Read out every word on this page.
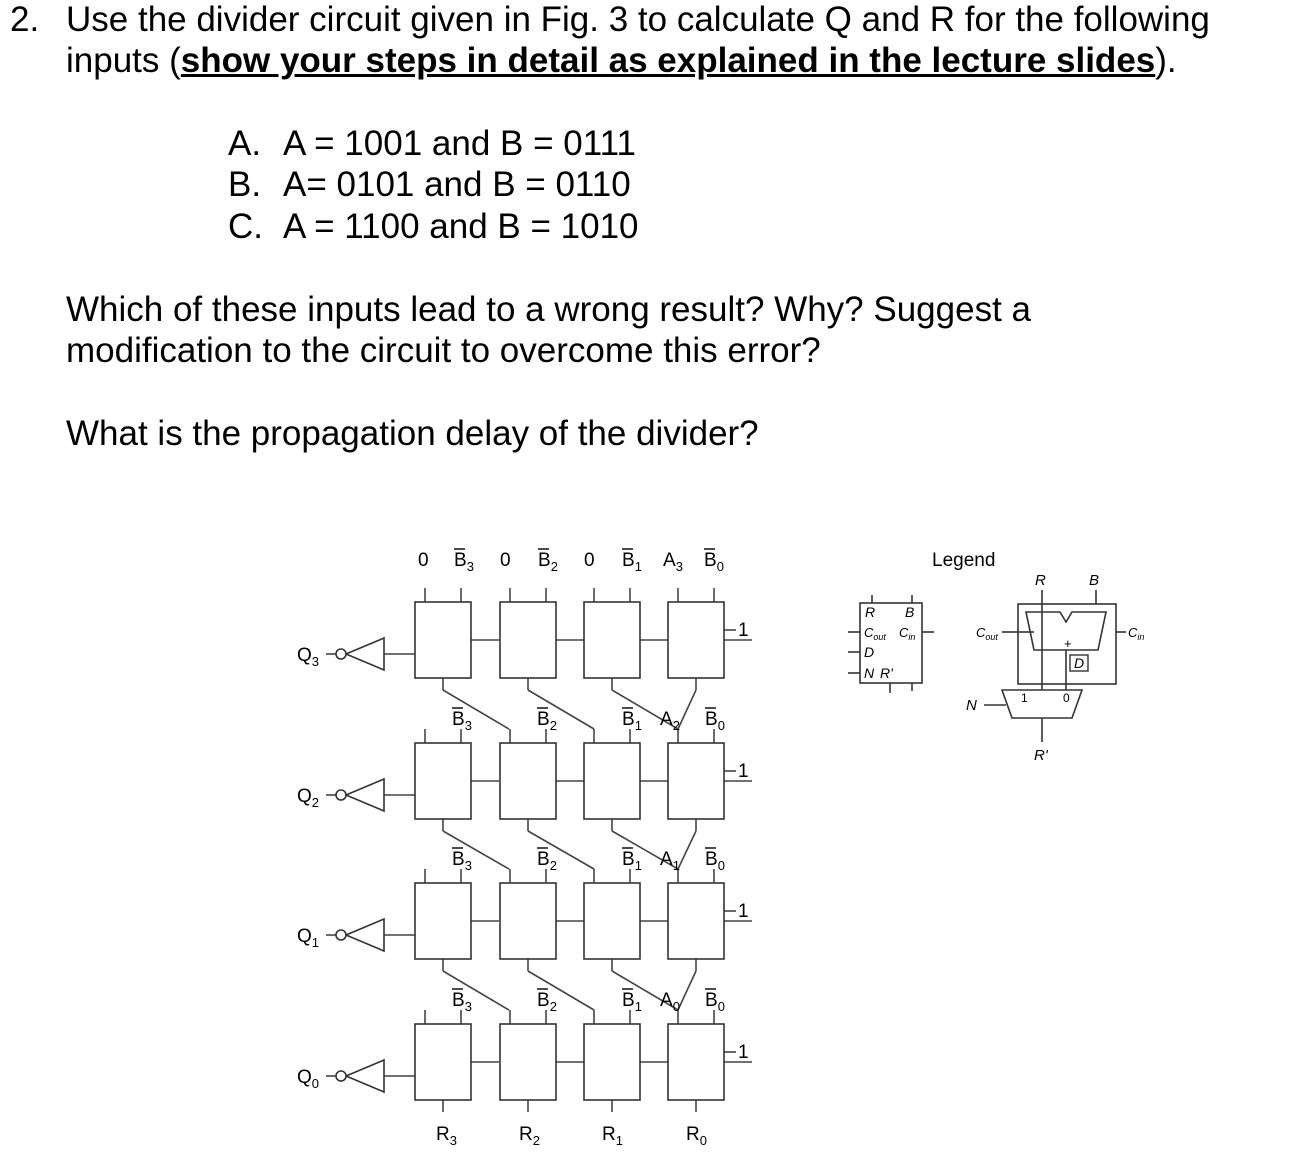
2. Use the divider circuit given in Fig. 3 to calculate Q and R for the following
inputs (show your steps in detail as explained in the lecture slides).
A. A = 1001 and B = 0111
B. A= 0101 and B = 0110
C. A = 1100 and B = 1010
Which of these inputs lead to a wrong result? Why? Suggest a
modification to the circuit to overcome this error?
What is the propagation delay of the divider?
1
$Q_3$
1
$Q_2$
1
$Q_1$
1
$Q_0$
0 $B_3$ 0 $B_2$ 0 $B_1$ $A_3$ $B_0$
$B_3$	$B_2$	$B_1$	$B_0$
$A_2$
$B_3$	$B_2$	$B_1$	$B_0$
$A_1$
$B_3$	$B_2$	$B_1$	$B_0$
$A_0$
$R_3$	$R_2$	$R_1$	$R_0$
Legend
R B
$C_{out}$ $C_{in}$
D
N R'
R	B
+
$C_{in}$
$C_{out}$
D
1	0
N
R'
